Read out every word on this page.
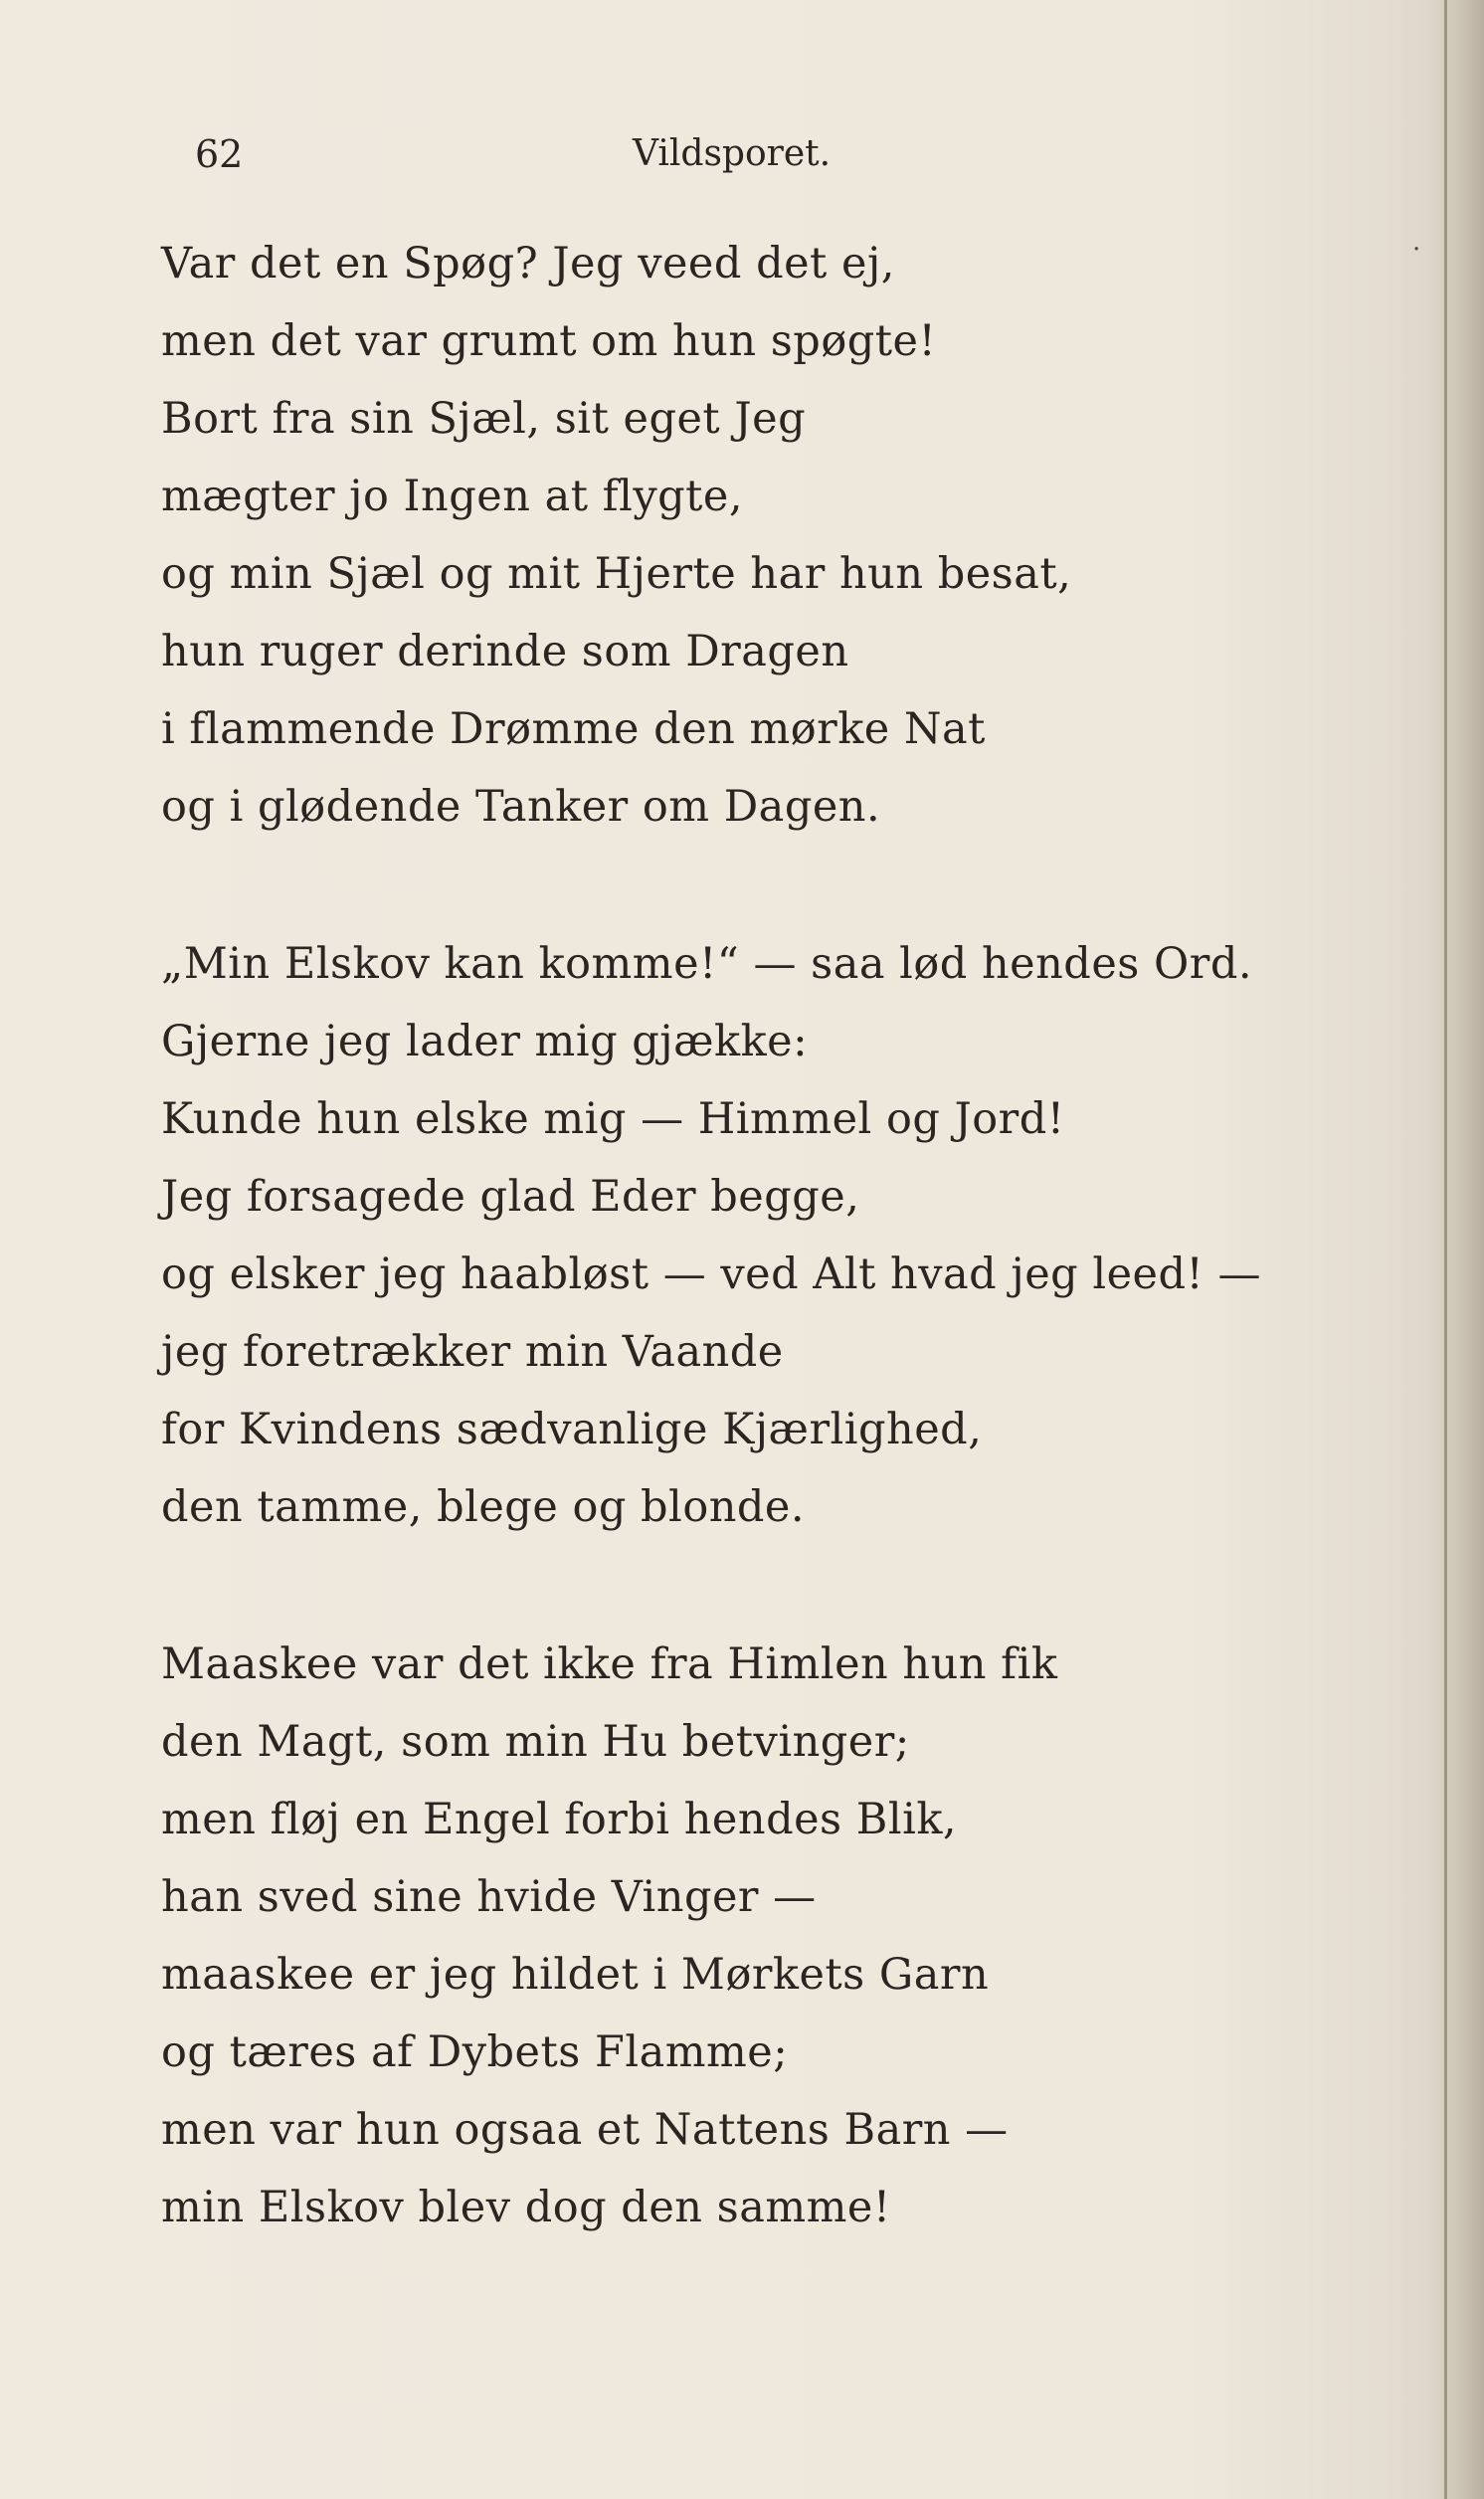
·
62	Vildsporet.
Var det en Spøg? Jeg veed det ej,
men det var grumt om hun spøgte!
Bort fra sin Sjæl, sit eget Jeg
mægter jo Ingen at flygte,
og min Sjæl og mit Hjerte har hun besat,
hun ruger derinde som Dragen
i flammende Drømme den mørke Nat
og i glødende Tanker om Dagen.
„Min Elskov kan komme!“ — saa lød hendes Ord.
Gjerne jeg lader mig gjække:
Kunde hun elske mig — Himmel og Jord!
Jeg forsagede glad Eder begge,
og elsker jeg haabløst — ved Alt hvad jeg leed! —
jeg foretrækker min Vaande
for Kvindens sædvanlige Kjærlighed,
den tamme, blege og blonde.
Maaskee var det ikke fra Himlen hun fik
den Magt, som min Hu betvinger;
men fløj en Engel forbi hendes Blik,
han sved sine hvide Vinger —
maaskee er jeg hildet i Mørkets Garn
og tæres af Dybets Flamme;
men var hun ogsaa et Nattens Barn —
min Elskov blev dog den samme!
